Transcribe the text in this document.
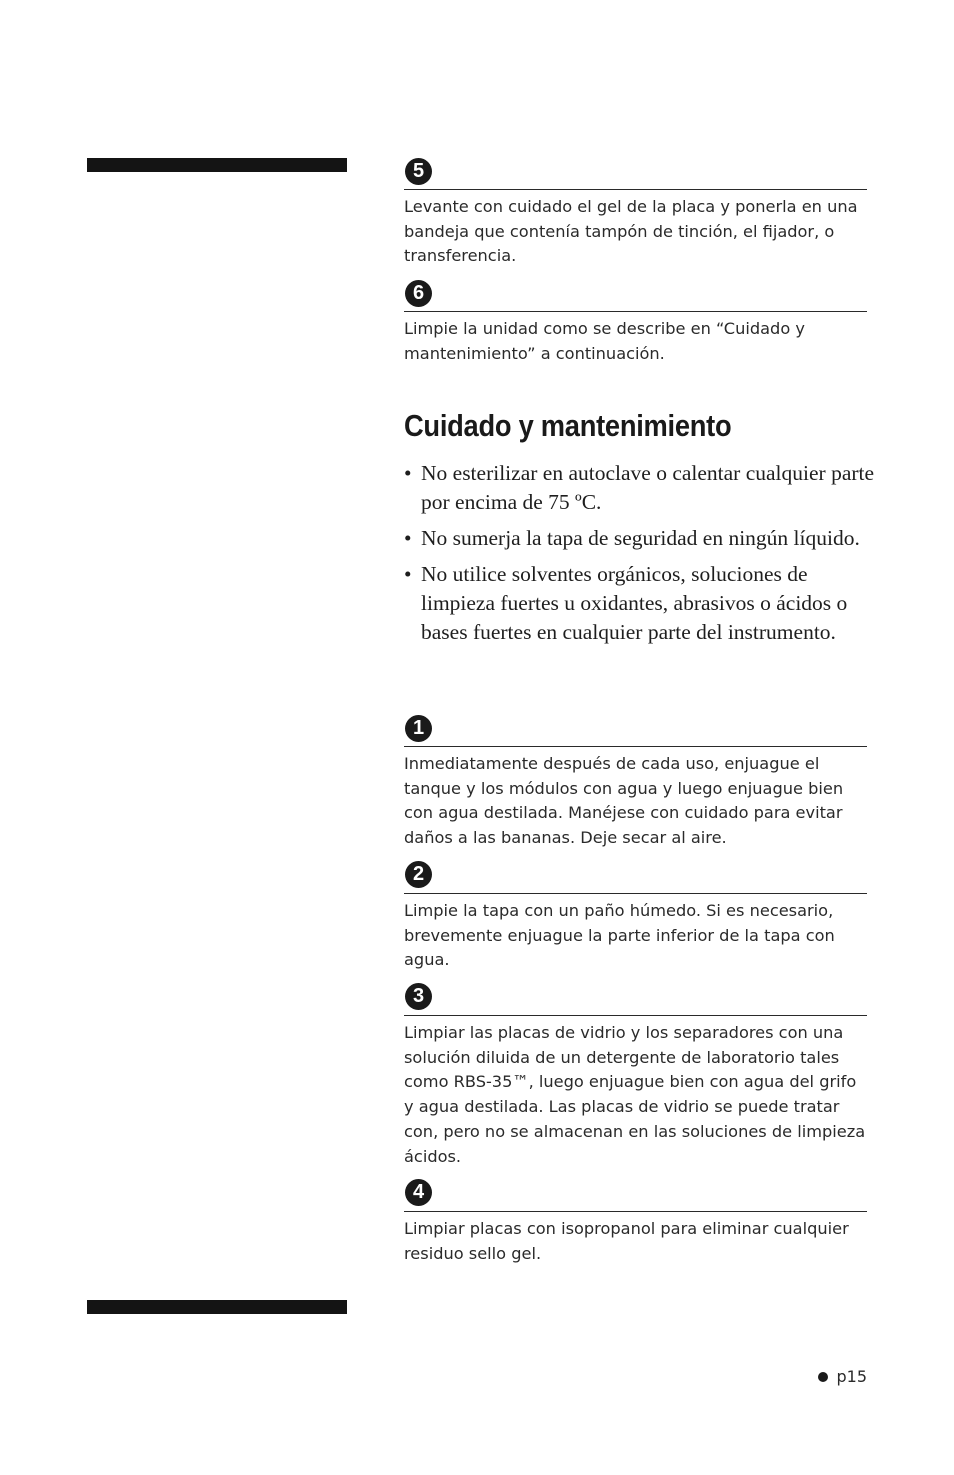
5

Levante con cuidado el gel de la placa y ponerla en una bandeja que contenía tampón de tinción, el fijador, o transferencia.

6

Limpie la unidad como se describe en “Cuidado y mantenimiento” a continuación.

Cuidado y mantenimiento
• No esterilizar en autoclave o calentar cualquier parte por encima de 75 ºC.
• No sumerja la tapa de seguridad en ningún líquido.
• No utilice solventes orgánicos, soluciones de limpieza fuertes u oxidantes, abrasivos o ácidos o bases fuertes en cualquier parte del instrumento.
1

Inmediatamente después de cada uso, enjuague el tanque y los módulos con agua y luego enjuague bien con agua destilada. Manéjese con cuidado para evitar daños a las bananas. Deje secar al aire.

2

Limpie la tapa con un paño húmedo. Si es necesario, brevemente enjuague la parte inferior de la tapa con agua.

3

Limpiar las placas de vidrio y los separadores con una solución diluida de un detergente de laboratorio tales como RBS-35™, luego enjuague bien con agua del grifo y agua destilada. Las placas de vidrio se puede tratar con, pero no se almacenan en las soluciones de limpieza ácidos.

4

Limpiar placas con isopropanol para eliminar cualquier residuo sello gel.

p15
